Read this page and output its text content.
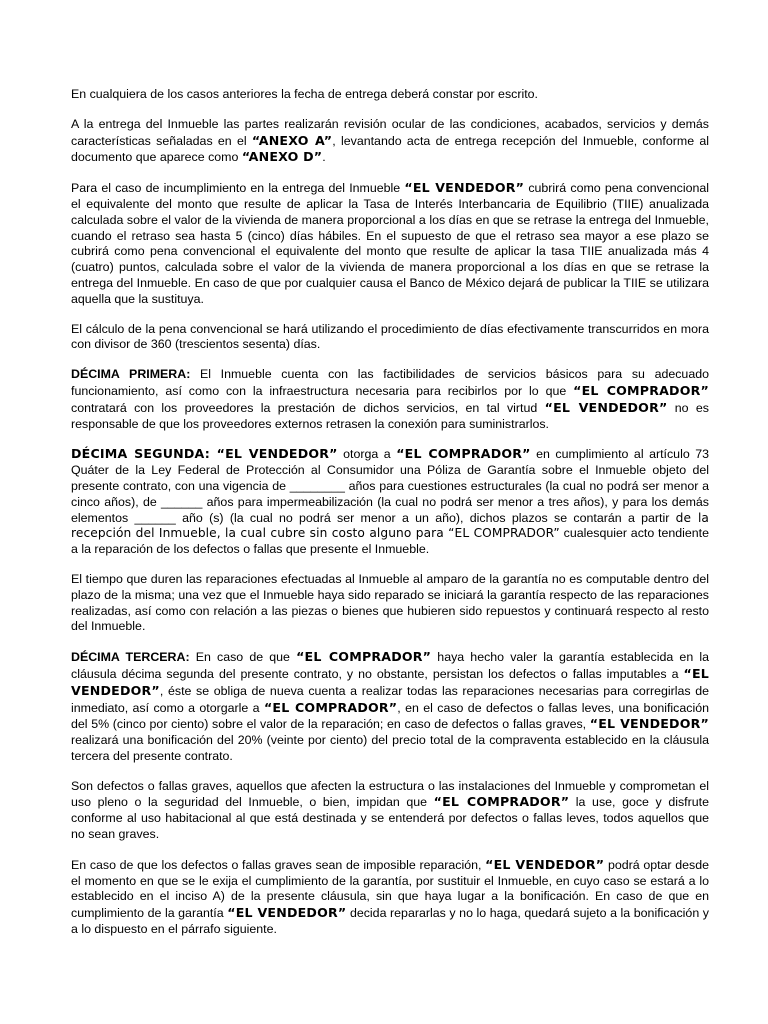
En cualquiera de los casos anteriores la fecha de entrega deberá constar por escrito.

A la entrega del Inmueble las partes realizarán revisión ocular de las condiciones, acabados, servicios y demás características señaladas en el “ANEXO A”, levantando acta de entrega recepción del Inmueble, conforme al documento que aparece como “ANEXO D”.

Para el caso de incumplimiento en la entrega del Inmueble “EL VENDEDOR” cubrirá como pena convencional el equivalente del monto que resulte de aplicar la Tasa de Interés Interbancaria de Equilibrio (TIIE) anualizada calculada sobre el valor de la vivienda de manera proporcional a los días en que se retrase la entrega del Inmueble, cuando el retraso sea hasta 5 (cinco) días hábiles. En el supuesto de que el retraso sea mayor a ese plazo se cubrirá como pena convencional el equivalente del monto que resulte de aplicar la tasa TIIE anualizada más 4 (cuatro) puntos, calculada sobre el valor de la vivienda de manera proporcional a los días en que se retrase la entrega del Inmueble. En caso de que por cualquier causa el Banco de México dejará de publicar la TIIE se utilizara aquella que la sustituya.

El cálculo de la pena convencional se hará utilizando el procedimiento de días efectivamente transcurridos en mora con divisor de 360 (trescientos sesenta) días.

DÉCIMA PRIMERA: El Inmueble cuenta con las factibilidades de servicios básicos para su adecuado funcionamiento, así como con la infraestructura necesaria para recibirlos por lo que “EL COMPRADOR” contratará con los proveedores la prestación de dichos servicios, en tal virtud “EL VENDEDOR” no es responsable de que los proveedores externos retrasen la conexión para suministrarlos.

DÉCIMA SEGUNDA: “EL VENDEDOR” otorga a “EL COMPRADOR” en cumplimiento al artículo 73 Quáter de la Ley Federal de Protección al Consumidor una Póliza de Garantía sobre el Inmueble objeto del presente contrato, con una vigencia de ________ años para cuestiones estructurales (la cual no podrá ser menor a cinco años), de ______ años para impermeabilización (la cual no podrá ser menor a tres años), y para los demás elementos ______ año (s) (la cual no podrá ser menor a un año), dichos plazos se contarán a partir de la recepción del Inmueble, la cual cubre sin costo alguno para “EL COMPRADOR” cualesquier acto tendiente a la reparación de los defectos o fallas que presente el Inmueble.

El tiempo que duren las reparaciones efectuadas al Inmueble al amparo de la garantía no es computable dentro del plazo de la misma; una vez que el Inmueble haya sido reparado se iniciará la garantía respecto de las reparaciones realizadas, así como con relación a las piezas o bienes que hubieren sido repuestos y continuará respecto al resto del Inmueble.

DÉCIMA TERCERA: En caso de que “EL COMPRADOR” haya hecho valer la garantía establecida en la cláusula décima segunda del presente contrato, y no obstante, persistan los defectos o fallas imputables a “EL VENDEDOR”, éste se obliga de nueva cuenta a realizar todas las reparaciones necesarias para corregirlas de inmediato, así como a otorgarle a “EL COMPRADOR”, en el caso de defectos o fallas leves, una bonificación del 5% (cinco por ciento) sobre el valor de la reparación; en caso de defectos o fallas graves, “EL VENDEDOR” realizará una bonificación del 20% (veinte por ciento) del precio total de la compraventa establecido en la cláusula tercera del presente contrato.

Son defectos o fallas graves, aquellos que afecten la estructura o las instalaciones del Inmueble y comprometan el uso pleno o la seguridad del Inmueble, o bien, impidan que “EL COMPRADOR” la use, goce y disfrute conforme al uso habitacional al que está destinada y se entenderá por defectos o fallas leves, todos aquellos que no sean graves.

En caso de que los defectos o fallas graves sean de imposible reparación, “EL VENDEDOR” podrá optar desde el momento en que se le exija el cumplimiento de la garantía, por sustituir el Inmueble, en cuyo caso se estará a lo establecido en el inciso A) de la presente cláusula, sin que haya lugar a la bonificación. En caso de que en cumplimiento de la garantía “EL VENDEDOR” decida repararlas y no lo haga, quedará sujeto a la bonificación y a lo dispuesto en el párrafo siguiente.
